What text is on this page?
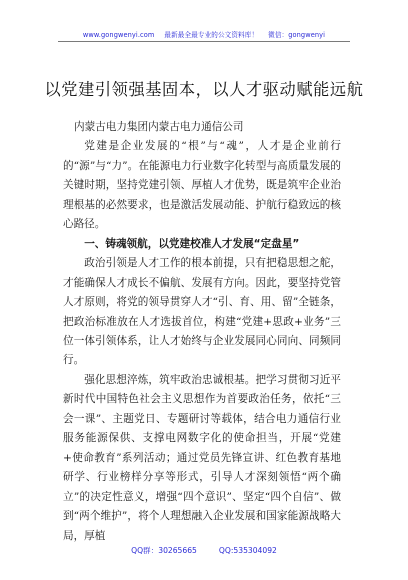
www.gongwenyi.com 最新最全最专业的公文资料库！ 微信：gongwenyi
以党建引领强基固本，以人才驱动赋能远航

内蒙古电力集团内蒙古电力通信公司

党建是企业发展的“根”与“魂”，人才是企业前行的“源”与“力”。在能源电力行业数字化转型与高质量发展的关键时期，坚持党建引领、厚植人才优势，既是筑牢企业治理根基的必然要求，也是激活发展动能、护航行稳致远的核心路径。

一、铸魂领航，以党建校准人才发展“定盘星”

政治引领是人才工作的根本前提，只有把稳思想之舵，才能确保人才成长不偏航、发展有方向。因此，要坚持党管人才原则，将党的领导贯穿人才“引、育、用、留”全链条，把政治标准放在人才选拔首位，构建“党建+思政+业务”三位一体引领体系，让人才始终与企业发展同心同向、同频同行。

强化思想淬炼，筑牢政治忠诚根基。把学习贯彻习近平新时代中国特色社会主义思想作为首要政治任务，依托“三会一课”、主题党日、专题研讨等载体，结合电力通信行业服务能源保供、支撑电网数字化的使命担当，开展“党建+使命教育”系列活动；通过党员先锋宣讲、红色教育基地研学、行业榜样分享等形式，引导人才深刻领悟“两个确立”的决定性意义，增强“四个意识”、坚定“四个自信”、做到“两个维护”，将个人理想融入企业发展和国家能源战略大局，厚植

QQ群：30265665	QQ:535304092
